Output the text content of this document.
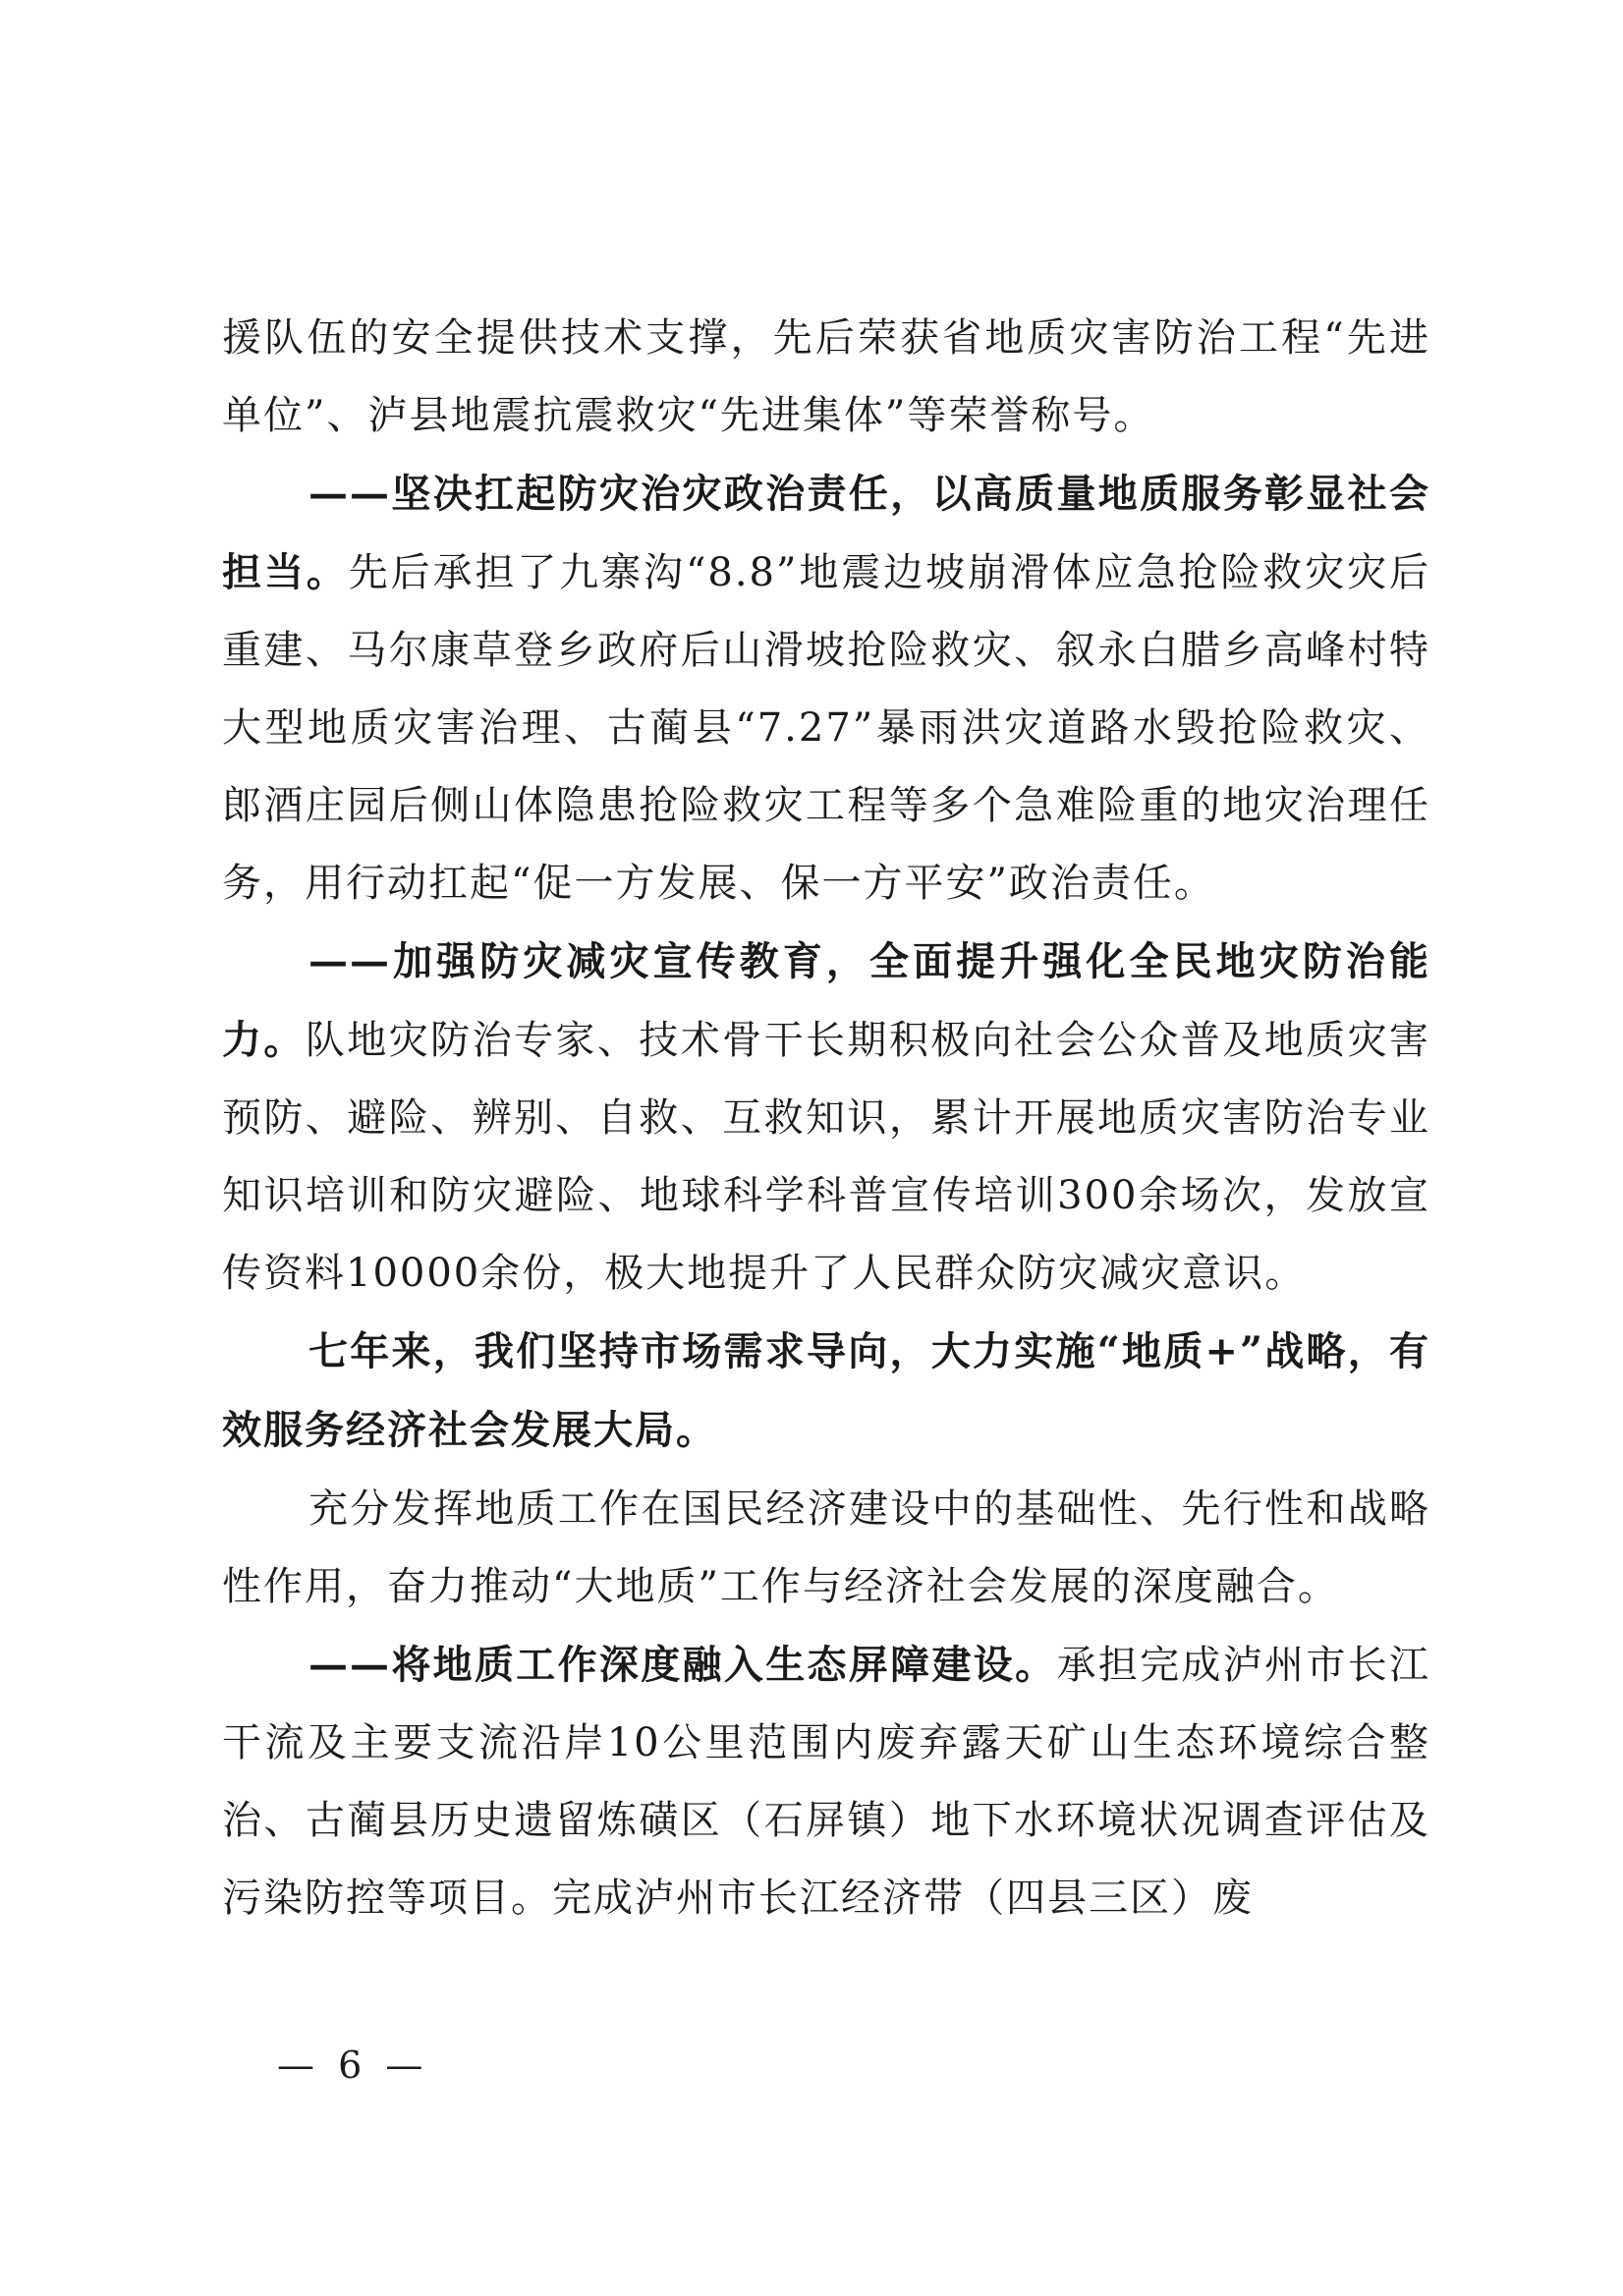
援队伍的安全提供技术支撑，先后荣获省地质灾害防治工程“先进单位”、泸县地震抗震救灾“先进集体”等荣誉称号。

——坚决扛起防灾治灾政治责任，以高质量地质服务彰显社会担当。先后承担了九寨沟“8.8”地震边坡崩滑体应急抢险救灾灾后重建、马尔康草登乡政府后山滑坡抢险救灾、叙永白腊乡高峰村特大型地质灾害治理、古蔺县“7.27”暴雨洪灾道路水毁抢险救灾、郎酒庄园后侧山体隐患抢险救灾工程等多个急难险重的地灾治理任务，用行动扛起“促一方发展、保一方平安”政治责任。

——加强防灾减灾宣传教育，全面提升强化全民地灾防治能力。队地灾防治专家、技术骨干长期积极向社会公众普及地质灾害预防、避险、辨别、自救、互救知识，累计开展地质灾害防治专业知识培训和防灾避险、地球科学科普宣传培训300余场次，发放宣传资料10000余份，极大地提升了人民群众防灾减灾意识。

七年来，我们坚持市场需求导向，大力实施“地质+”战略，有效服务经济社会发展大局。

充分发挥地质工作在国民经济建设中的基础性、先行性和战略性作用，奋力推动“大地质”工作与经济社会发展的深度融合。

——将地质工作深度融入生态屏障建设。承担完成泸州市长江干流及主要支流沿岸10公里范围内废弃露天矿山生态环境综合整治、古蔺县历史遗留炼磺区（石屏镇）地下水环境状况调查评估及污染防控等项目。完成泸州市长江经济带（四县三区）废

— 6 —
